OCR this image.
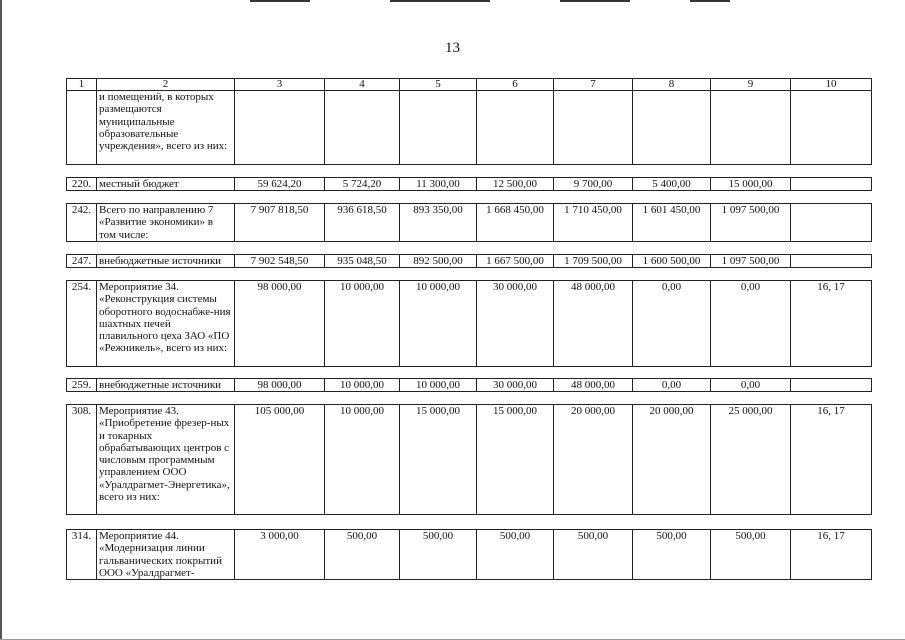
13
1	2	3	4	5	6	7	8	9	10
	и помещений, в которых размещаются муниципальные образовательные учреждения», всего из них:								
220.	местный бюджет	59 624,20	5 724,20	11 300,00	12 500,00	9 700,00	5 400,00	15 000,00	
242.	Всего по направлению 7 «Развитие экономики» в том числе:	7 907 818,50	936 618,50	893 350,00	1 668 450,00	1 710 450,00	1 601 450,00	1 097 500,00	
247.	внебюджетные источники	7 902 548,50	935 048,50	892 500,00	1 667 500,00	1 709 500,00	1 600 500,00	1 097 500,00	
254.	Мероприятие 34. «Реконструкция системы оборотного водоснабже-ния шахтных печей плавильного цеха ЗАО «ПО «Режникель», всего из них:	98 000,00	10 000,00	10 000,00	30 000,00	48 000,00	0,00	0,00	16, 17
259.	внебюджетные источники	98 000,00	10 000,00	10 000,00	30 000,00	48 000,00	0,00	0,00	
308.	Мероприятие 43. «Приобретение фрезер-ных и токарных обрабатывающих центров с числовым программным управлением ООО «Уралдрагмет-Энергетика», всего из них:	105 000,00	10 000,00	15 000,00	15 000,00	20 000,00	20 000,00	25 000,00	16, 17
314.	Мероприятие 44. «Модернизация линии гальванических покрытий ООО «Уралдрагмет-	3 000,00	500,00	500,00	500,00	500,00	500,00	500,00	16, 17
